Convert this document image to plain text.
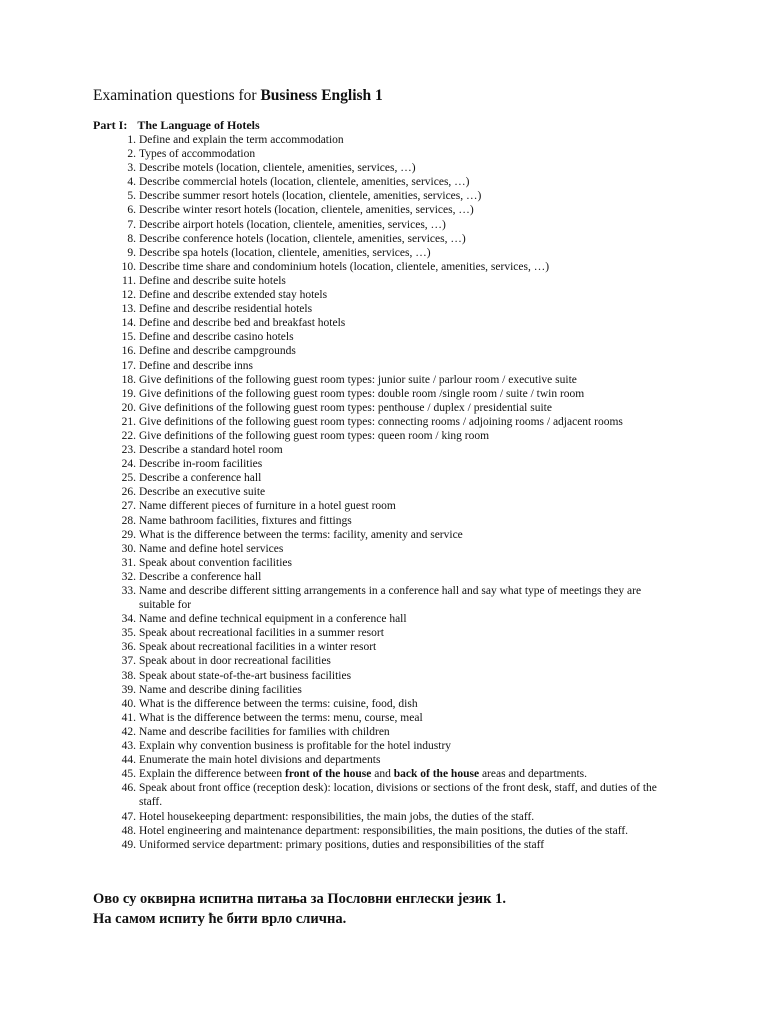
Examination questions for Business English 1
Part I: The Language of Hotels
1. Define and explain the term accommodation
2. Types of accommodation
3. Describe motels (location, clientele, amenities, services, …)
4. Describe commercial hotels (location, clientele, amenities, services, …)
5. Describe summer resort hotels (location, clientele, amenities, services, …)
6. Describe winter resort hotels (location, clientele, amenities, services, …)
7. Describe airport hotels (location, clientele, amenities, services, …)
8. Describe conference hotels (location, clientele, amenities, services, …)
9. Describe spa hotels (location, clientele, amenities, services, …)
10. Describe time share and condominium hotels (location, clientele, amenities, services, …)
11. Define and describe suite hotels
12. Define and describe extended stay hotels
13. Define and describe residential hotels
14. Define and describe bed and breakfast hotels
15. Define and describe casino hotels
16. Define and describe campgrounds
17. Define and describe inns
18. Give definitions of the following guest room types: junior suite / parlour room / executive suite
19. Give definitions of the following guest room types: double room /single room / suite / twin room
20. Give definitions of the following guest room types: penthouse / duplex / presidential suite
21. Give definitions of the following guest room types: connecting rooms / adjoining rooms / adjacent rooms
22. Give definitions of the following guest room types: queen room / king room
23. Describe a standard hotel room
24. Describe in-room facilities
25. Describe a conference hall
26. Describe an executive suite
27. Name different pieces of furniture in a hotel guest room
28. Name bathroom facilities, fixtures and fittings
29. What is the difference between the terms: facility, amenity and service
30. Name and define hotel services
31. Speak about convention facilities
32. Describe a conference hall
33. Name and describe different sitting arrangements in a conference hall and say what type of meetings they are suitable for
34. Name and define technical equipment in a conference hall
35. Speak about recreational facilities in a summer resort
36. Speak about recreational facilities in a winter resort
37. Speak about in door recreational facilities
38. Speak about state-of-the-art business facilities
39. Name and describe dining facilities
40. What is the difference between the terms: cuisine, food, dish
41. What is the difference between the terms: menu, course, meal
42. Name and describe facilities for families with children
43. Explain why convention business is profitable for the hotel industry
44. Enumerate the main hotel divisions and departments
45. Explain the difference between front of the house and back of the house areas and departments.
46. Speak about front office (reception desk): location, divisions or sections of the front desk, staff, and duties of the staff.
47. Hotel housekeeping department: responsibilities, the main jobs, the duties of the staff.
48. Hotel engineering and maintenance department: responsibilities, the main positions, the duties of the staff.
49. Uniformed service department: primary positions, duties and responsibilities of the staff
Ово су оквирна испитна питања за Пословни енглески језик 1.
На самом испиту ће бити врло слична.
